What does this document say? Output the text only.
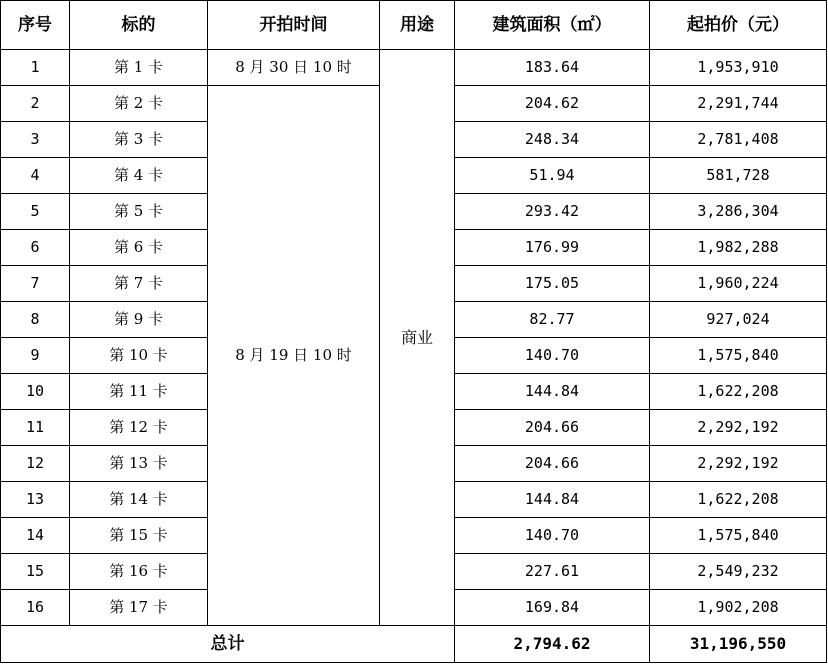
序号	标的	开拍时间	用途	建筑面积（㎡）	起拍价（元）
1	第 1 卡	8 月 30 日 10 时	商业	183.64	1,953,910
2	第 2 卡	8 月 19 日 10 时		204.62	2,291,744
3	第 3 卡			248.34	2,781,408
4	第 4 卡			51.94	581,728
5	第 5 卡			293.42	3,286,304
6	第 6 卡			176.99	1,982,288
7	第 7 卡			175.05	1,960,224
8	第 9 卡			82.77	927,024
9	第 10 卡			140.70	1,575,840
10	第 11 卡			144.84	1,622,208
11	第 12 卡			204.66	2,292,192
12	第 13 卡			204.66	2,292,192
13	第 14 卡			144.84	1,622,208
14	第 15 卡			140.70	1,575,840
15	第 16 卡			227.61	2,549,232
16	第 17 卡			169.84	1,902,208
总计				2,794.62	31,196,550
